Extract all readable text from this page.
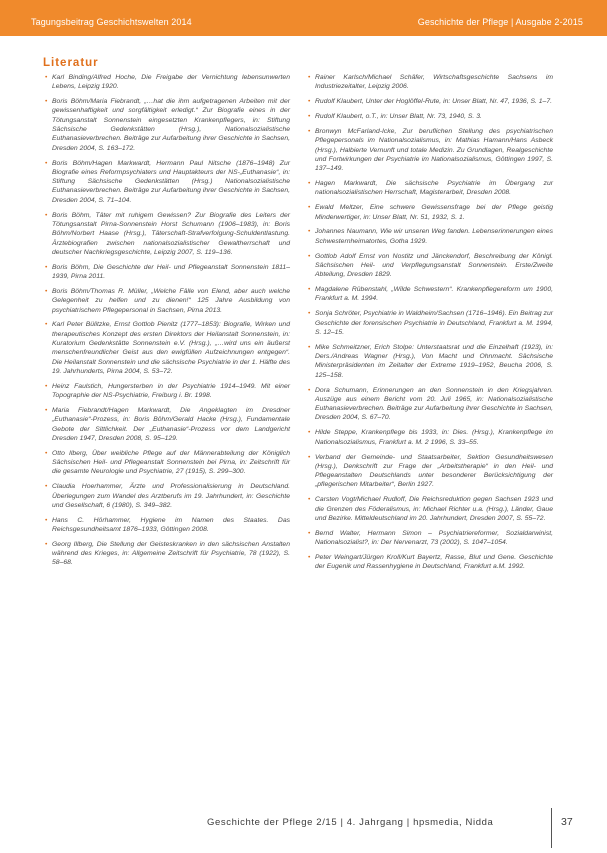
Tagungsbeitrag Geschichtswelten 2014	Geschichte der Pflege | Ausgabe 2-2015
Literatur
• Karl Binding/Alfred Hoche, Die Freigabe der Vernichtung lebensunwerten Lebens, Leipzig 1920.
• Boris Böhm/Maria Fiebrandt, „…hat die ihm aufgetragenen Arbeiten mit der gewissenhaftigkeit und sorgfältigkeit erledigt.“ Zur Biografie eines in der Tötungsanstalt Sonnenstein eingesetzten Krankenpflegers, in: Stiftung Sächsische Gedenkstätten (Hrsg.), Nationalsozialistische Euthanasieverbrechen. Beiträge zur Aufarbeitung ihrer Geschichte in Sachsen, Dresden 2004, S. 163–172.
• Boris Böhm/Hagen Markwardt, Hermann Paul Nitsche (1876–1948) Zur Biografie eines Reformpsychiaters und Hauptakteurs der NS-„Euthanasie“, in: Stiftung Sächsische Gedenkstätten (Hrsg.) Nationalsozialistische Euthanasieverbrechen. Beiträge zur Aufarbeitung ihrer Geschichte in Sachsen, Dresden 2004, S. 71–104.
• Boris Böhm, Täter mit ruhigem Gewissen? Zur Biografie des Leiters der Tötungsanstalt Pirna-Sonnenstein Horst Schumann (1906–1983), in: Boris Böhm/Norbert Haase (Hrsg.), Täterschaft-Strafverfolgung-Schuldentlastung. Ärztebiografien zwischen nationalsozialistischer Gewaltherrschaft und deutscher Nachkriegsgeschichte, Leipzig 2007, S. 119–136.
• Boris Böhm, Die Geschichte der Heil- und Pflegeanstalt Sonnenstein 1811–1939, Pirna 2011.
• Boris Böhm/Thomas R. Müller, „Welche Fälle von Elend, aber auch welche Gelegenheit zu helfen und zu dienen!“ 125 Jahre Ausbildung von psychiatrischem Pflegepersonal in Sachsen, Pirna 2013.
• Karl Peter Bülitzke, Ernst Gottlob Pienitz (1777–1853): Biografie, Wirken und therapeutisches Konzept des ersten Direktors der Heilanstalt Sonnenstein, in: Kuratorium Gedenkstätte Sonnenstein e.V. (Hrsg.), „…wird uns ein äußerst menschenfreundlicher Geist aus den ewigfüllen Aufzeichnungen entgegen“. Die Heilanstalt Sonnenstein und die sächsische Psychiatrie in der 1. Hälfte des 19. Jahrhunderts, Pirna 2004, S. 53–72.
• Heinz Faulstich, Hungersterben in der Psychiatrie 1914–1949. Mit einer Topographie der NS-Psychiatrie, Freiburg i. Br. 1998.
• Maria Fiebrandt/Hagen Markwardt, Die Angeklagten im Dresdner „Euthanasie“-Prozess, in: Boris Böhm/Gerald Hacke (Hrsg.), Fundamentale Gebote der Sittlichkeit. Der „Euthanasie“-Prozess vor dem Landgericht Dresden 1947, Dresden 2008, S. 95–129.
• Otto Ilberg, Über weibliche Pflege auf der Männerabteilung der Königlich Sächsischen Heil- und Pflegeanstalt Sonnenstein bei Pirna, in: Zeitschrift für die gesamte Neurologie und Psychiatrie, 27 (1915), S. 299–300.
• Claudia Hoerhammer, Ärzte und Professionalisierung in Deutschland. Überlegungen zum Wandel des Arztberufs im 19. Jahrhundert, in: Geschichte und Gesellschaft, 6 (1980), S. 349–382.
• Hans C. Hörhammer, Hygiene im Namen des Staates. Das Reichsgesundheitsamt 1876–1933, Göttingen 2008.
• Georg Illberg, Die Stellung der Geisteskranken in den sächsischen Anstalten während des Krieges, in: Allgemeine Zeitschrift für Psychiatrie, 78 (1922), S. 58–68.
• Rainer Karlsch/Michael Schäfer, Wirtschaftsgeschichte Sachsens im Industriezeitalter, Leipzig 2006.
• Rudolf Klaubert, Unter der Hoglöffel-Rute, in: Unser Blatt, Nr. 47, 1936, S. 1–7.
• Rudolf Klaubert, o.T., in: Unser Blatt, Nr. 73, 1940, S. 3.
• Bronwyn McFarland-Icke, Zur beruflichen Stellung des psychiatrischen Pflegepersonals im Nationalsozialismus, in: Mathias Hamann/Hans Asbeck (Hrsg.), Halbierte Vernunft und totale Medizin. Zu Grundlagen, Realgeschichte und Fortwirkungen der Psychiatrie im Nationalsozialismus, Göttingen 1997, S. 137–149.
• Hagen Markwardt, Die sächsische Psychiatrie im Übergang zur nationalsozialistischen Herrschaft, Magisterarbeit, Dresden 2008.
• Ewald Meltzer, Eine schwere Gewissensfrage bei der Pflege geistig Minderwertiger, in: Unser Blatt, Nr. 51, 1932, S. 1.
• Johannes Naumann, Wie wir unseren Weg fanden. Lebenserinnerungen eines Schwesternheimatortes, Gotha 1929.
• Gottlob Adolf Ernst von Nostitz und Jänckendorf, Beschreibung der Königl. Sächsischen Heil- und Verpflegungsanstalt Sonnenstein. Erste/Zweite Abteilung, Dresden 1829.
• Magdalene Rübenstahl, „Wilde Schwestern“. Krankenpflegereform um 1900, Frankfurt a. M. 1994.
• Sonja Schröter, Psychiatrie in Waldheim/Sachsen (1716–1946). Ein Beitrag zur Geschichte der forensischen Psychiatrie in Deutschland, Frankfurt a. M. 1994, S. 12–15.
• Mike Schmeitzner, Erich Stolpe: Unterstaatsrat und die Einzelhaft (1923), in: Ders./Andreas Wagner (Hrsg.), Von Macht und Ohnmacht. Sächsische Ministerpräsidenten im Zeitalter der Extreme 1919–1952, Beucha 2006, S. 125–158.
• Dora Schumann, Erinnerungen an den Sonnenstein in den Kriegsjahren. Auszüge aus einem Bericht vom 20. Juli 1965, in: Nationalsozialistische Euthanasieverbrechen. Beiträge zur Aufarbeitung ihrer Geschichte in Sachsen, Dresden 2004, S. 67–70.
• Hilde Steppe, Krankenpflege bis 1933, in: Dies. (Hrsg.), Krankenpflege im Nationalsozialismus, Frankfurt a. M. 2 1996, S. 33–55.
• Verband der Gemeinde- und Staatsarbeiter, Sektion Gesundheitswesen (Hrsg.), Denkschrift zur Frage der „Arbeitstherapie“ in den Heil- und Pflegeanstalten Deutschlands unter besonderer Berücksichtigung der „pflegerischen Mitarbeiter“, Berlin 1927.
• Carsten Vogt/Michael Rudloff, Die Reichsreduktion gegen Sachsen 1923 und die Grenzen des Föderalismus, in: Michael Richter u.a. (Hrsg.), Länder, Gaue und Bezirke. Mitteldeutschland im 20. Jahrhundert, Dresden 2007, S. 55–72.
• Bernd Walter, Hermann Simon – Psychiatriereformer, Sozialdarwinist, Nationalsozialist?, in: Der Nervenarzt, 73 (2002), S. 1047–1054.
• Peter Weingart/Jürgen Kroll/Kurt Bayertz, Rasse, Blut und Gene. Geschichte der Eugenik und Rassenhygiene in Deutschland, Frankfurt a.M. 1992.
Geschichte der Pflege 2/15 | 4. Jahrgang | hpsmedia, Nidda	37
